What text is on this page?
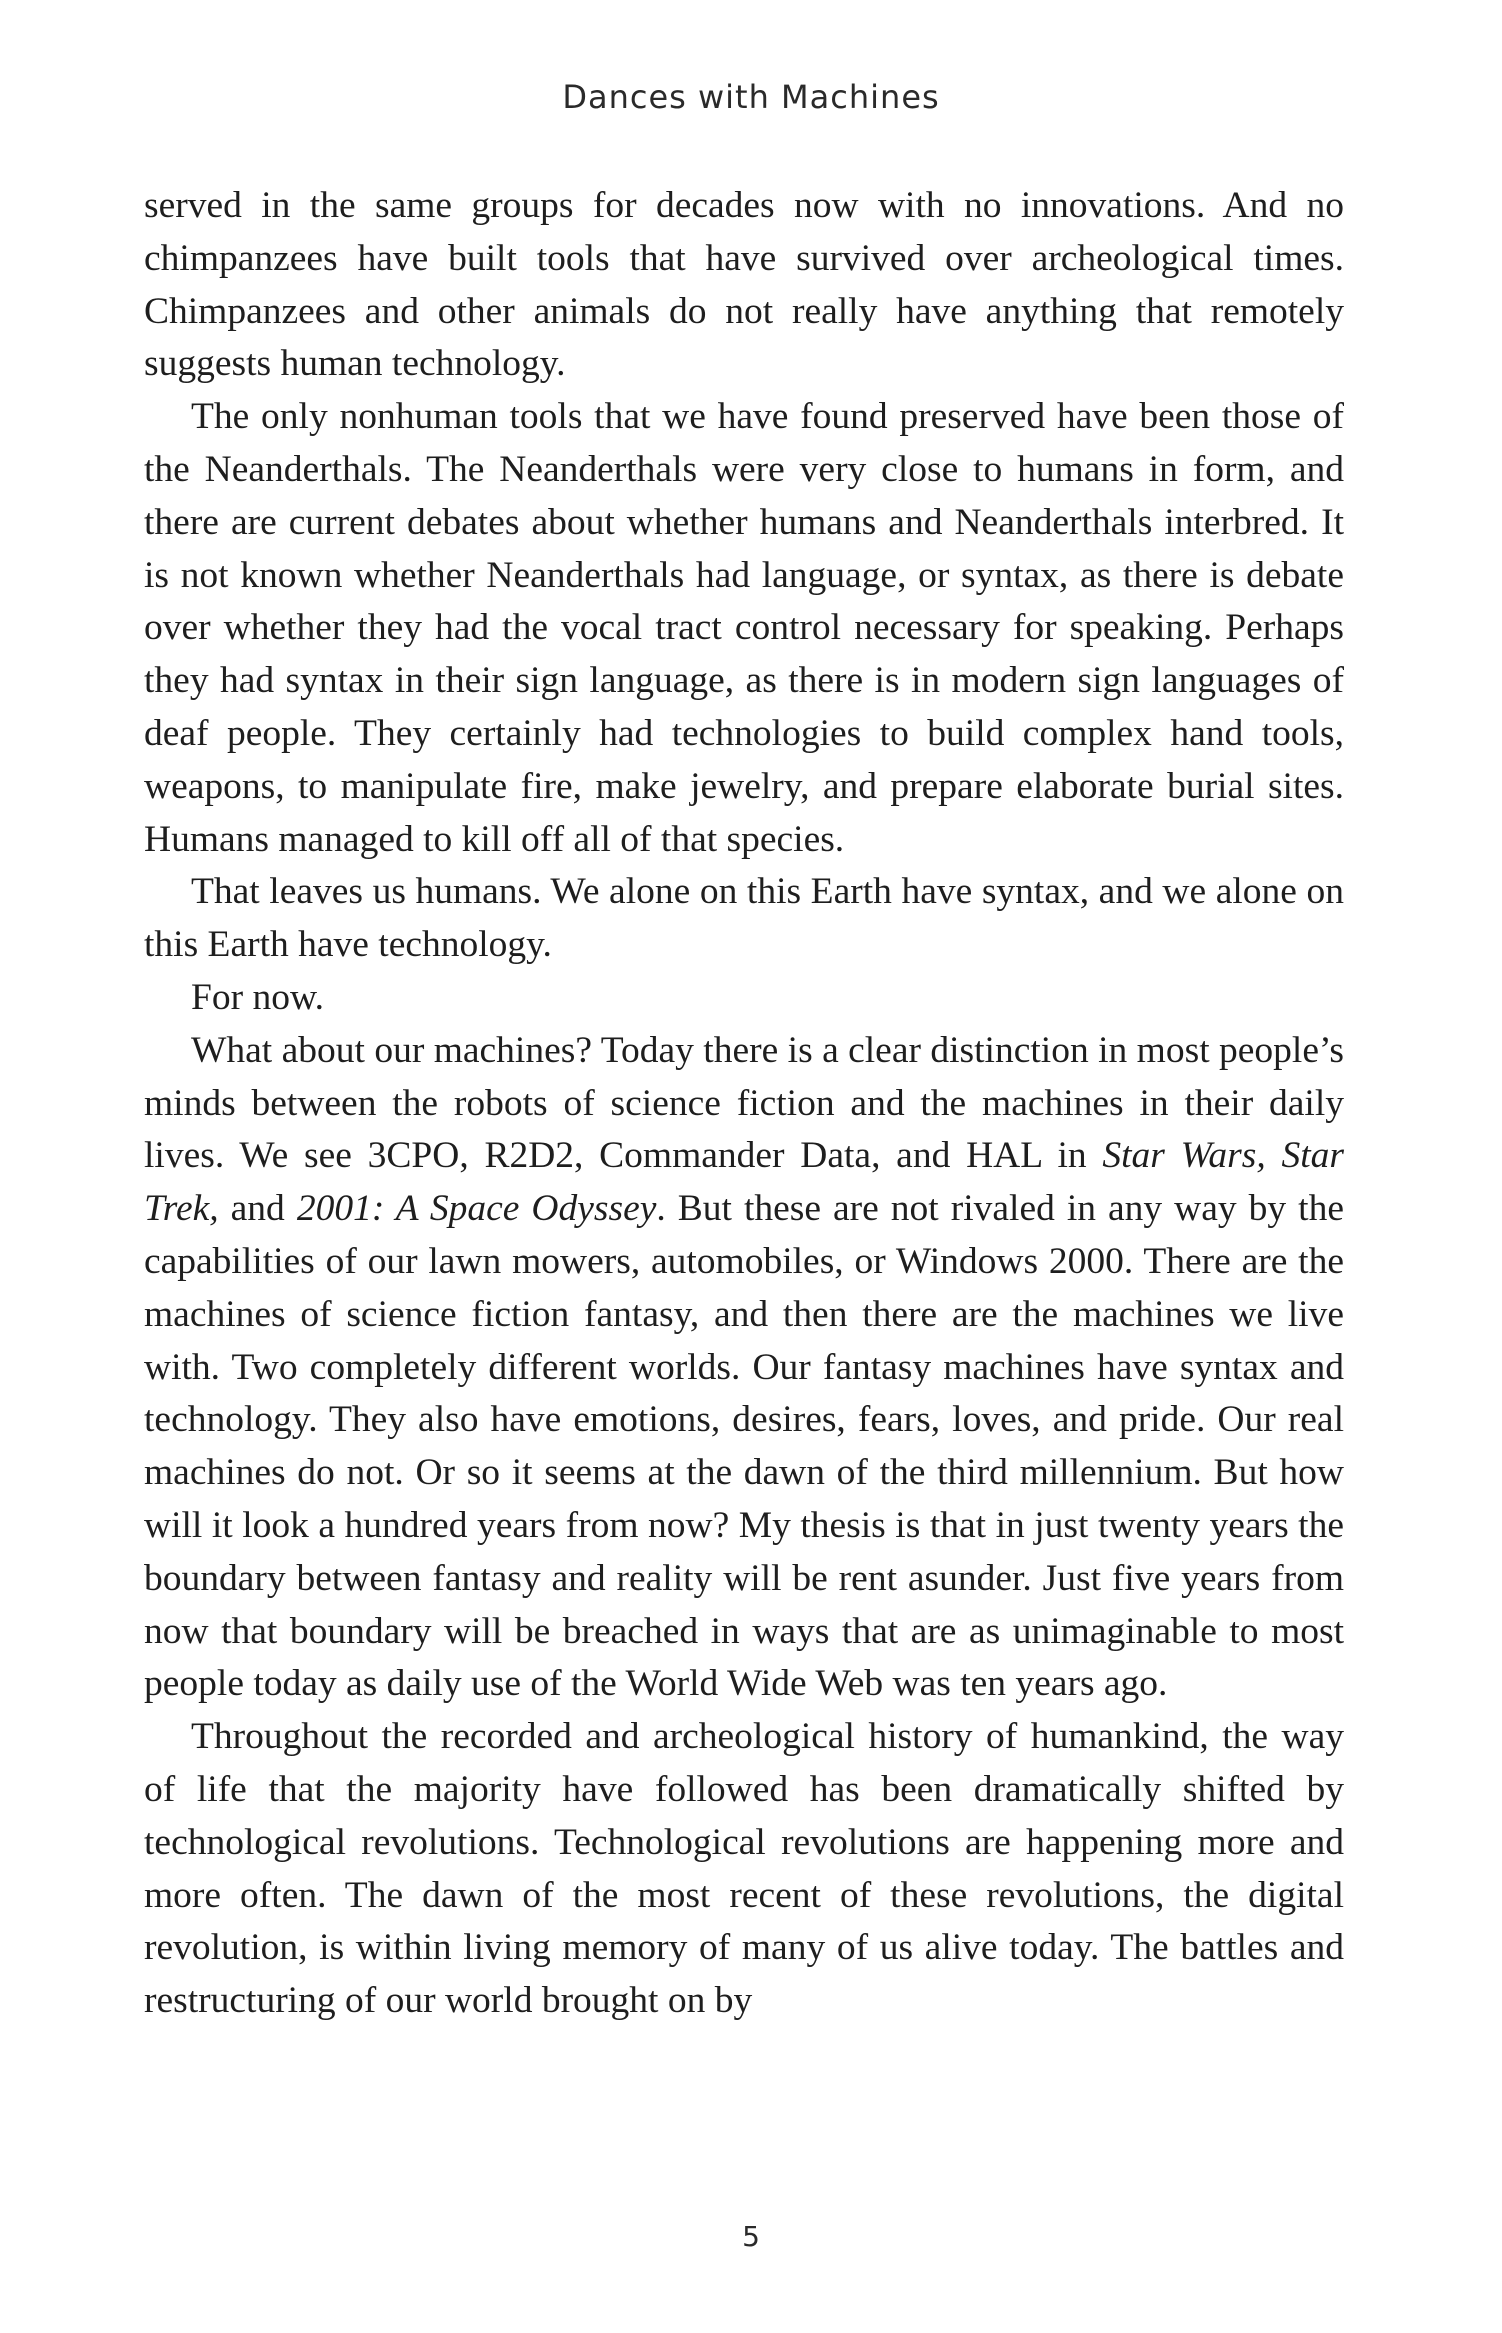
Dances with Machines

served in the same groups for decades now with no innovations. And no chimpanzees have built tools that have survived over archeological times. Chimpanzees and other animals do not really have anything that remotely suggests human technology.

The only nonhuman tools that we have found preserved have been those of the Neanderthals. The Neanderthals were very close to humans in form, and there are current debates about whether humans and Neanderthals interbred. It is not known whether Neanderthals had language, or syntax, as there is debate over whether they had the vocal tract control necessary for speaking. Perhaps they had syntax in their sign language, as there is in modern sign languages of deaf people. They certainly had technologies to build complex hand tools, weapons, to manipulate fire, make jewelry, and prepare elaborate burial sites. Humans managed to kill off all of that species.

That leaves us humans. We alone on this Earth have syntax, and we alone on this Earth have technology.

For now.

What about our machines? Today there is a clear distinction in most people’s minds between the robots of science fiction and the machines in their daily lives. We see 3CPO, R2D2, Commander Data, and HAL in Star Wars, Star Trek, and 2001: A Space Odyssey. But these are not rivaled in any way by the capabilities of our lawn mowers, automobiles, or Windows 2000. There are the machines of science fiction fantasy, and then there are the machines we live with. Two completely different worlds. Our fantasy machines have syntax and technology. They also have emotions, desires, fears, loves, and pride. Our real machines do not. Or so it seems at the dawn of the third millennium. But how will it look a hundred years from now? My thesis is that in just twenty years the boundary between fantasy and reality will be rent asunder. Just five years from now that boundary will be breached in ways that are as unimaginable to most people today as daily use of the World Wide Web was ten years ago.

Throughout the recorded and archeological history of humankind, the way of life that the majority have followed has been dramatically shifted by technological revolutions. Technological revolutions are happening more and more often. The dawn of the most recent of these revolutions, the digital revolution, is within living memory of many of us alive today. The battles and restructuring of our world brought on by

5
